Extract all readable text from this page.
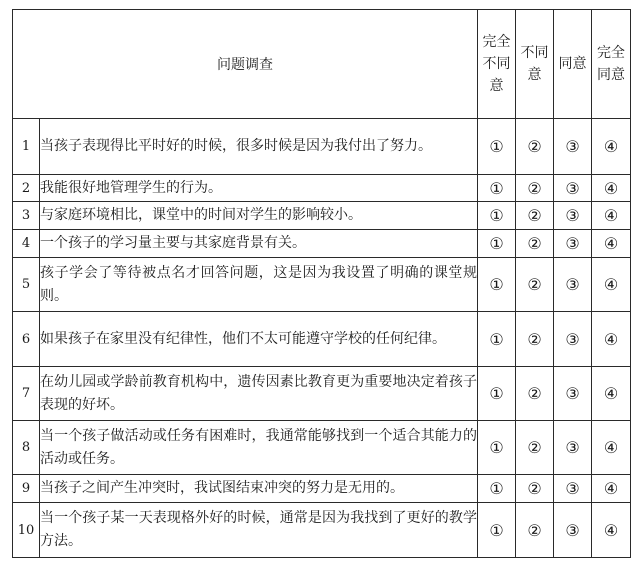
问题调查		完全不同意	不同意	同意	完全同意
1	当孩子表现得比平时好的时候，很多时候是因为我付出了努力。	①	②	③	④
2	我能很好地管理学生的行为。	①	②	③	④
3	与家庭环境相比，课堂中的时间对学生的影响较小。	①	②	③	④
4	一个孩子的学习量主要与其家庭背景有关。	①	②	③	④
5	孩子学会了等待被点名才回答问题，这是因为我设置了明确的课堂规则。	①	②	③	④
6	如果孩子在家里没有纪律性，他们不太可能遵守学校的任何纪律。	①	②	③	④
7	在幼儿园或学龄前教育机构中，遗传因素比教育更为重要地决定着孩子表现的好坏。	①	②	③	④
8	当一个孩子做活动或任务有困难时，我通常能够找到一个适合其能力的活动或任务。	①	②	③	④
9	当孩子之间产生冲突时，我试图结束冲突的努力是无用的。	①	②	③	④
10	当一个孩子某一天表现格外好的时候，通常是因为我找到了更好的教学方法。	①	②	③	④
